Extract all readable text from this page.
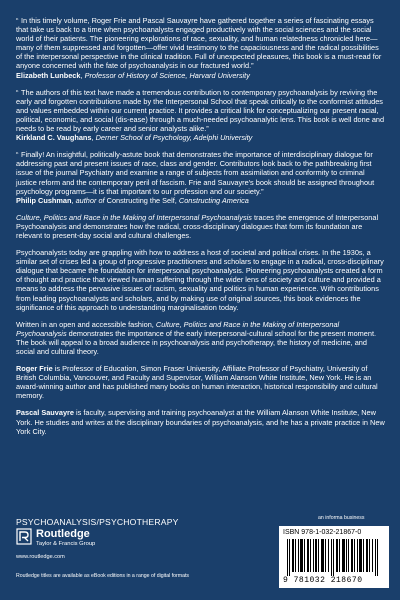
“ In this timely volume, Roger Frie and Pascal Sauvayre have gathered together a series of fascinating essays that take us back to a time when psychoanalysts engaged productively with the social sciences and the social world of their patients. The pioneering explorations of race, sexuality, and human relatedness chronicled here—many of them suppressed and forgotten—offer vivid testimony to the capaciousness and the radical possibilities of the interpersonal perspective in the clinical tradition. Full of unexpected pleasures, this book is a must-read for anyone concerned with the fate of psychoanalysis in our fractured world.”
Elizabeth Lunbeck, Professor of History of Science, Harvard University
“ The authors of this text have made a tremendous contribution to contemporary psychoanalysis by reviving the early and forgotten contributions made by the Interpersonal School that speak critically to the conformist attitudes and values embedded within our current practice. It provides a critical link for conceptualizing our present racial, political, economic, and social (dis-ease) through a much-needed psychoanalytic lens. This book is well done and needs to be read by early career and senior analysts alike.”
Kirkland C. Vaughans, Derner School of Psychology, Adelphi University
“ Finally! An insightful, politically-astute book that demonstrates the importance of interdisciplinary dialogue for addressing past and present issues of race, class and gender. Contributors look back to the pathbreaking first issue of the journal Psychiatry and examine a range of subjects from assimilation and conformity to criminal justice reform and the contemporary peril of fascism. Frie and Sauvayre's book should be assigned throughout psychology programs—it is that important to our profession and our society.”
Philip Cushman, author of Constructing the Self, Constructing America
Culture, Politics and Race in the Making of Interpersonal Psychoanalysis traces the emergence of Interpersonal Psychoanalysis and demonstrates how the radical, cross-disciplinary dialogues that form its foundation are relevant to present-day social and cultural challenges.
Psychoanalysts today are grappling with how to address a host of societal and political crises. In the 1930s, a similar set of crises led a group of progressive practitioners and scholars to engage in a radical, cross-disciplinary dialogue that became the foundation for interpersonal psychoanalysis. Pioneering psychoanalysts created a form of thought and practice that viewed human suffering through the wider lens of society and culture and provided a means to address the pervasive issues of racism, sexuality and politics in human experience. With contributions from leading psychoanalysts and scholars, and by making use of original sources, this book evidences the significance of this approach to understanding marginalisation today.
Written in an open and accessible fashion, Culture, Politics and Race in the Making of Interpersonal Psychoanalysis demonstrates the importance of the early interpersonal-cultural school for the present moment. The book will appeal to a broad audience in psychoanalysis and psychotherapy, the history of medicine, and social and cultural theory.
Roger Frie is Professor of Education, Simon Fraser University, Affiliate Professor of Psychiatry, University of British Columbia, Vancouver, and Faculty and Supervisor, William Alanson White Institute, New York. He is an award-winning author and has published many books on human interaction, historical responsibility and cultural memory.
Pascal Sauvayre is faculty, supervising and training psychoanalyst at the William Alanson White Institute, New York. He studies and writes at the disciplinary boundaries of psychoanalysis, and he has a private practice in New York City.
PSYCHOANALYSIS/PSYCHOTHERAPY	an informa business
Routledge
Taylor & Francis Group
www.routledge.com
ISBN 978-1-032-21867-0
9 781032 218670
Routledge titles are available as eBook editions in a range of digital formats
